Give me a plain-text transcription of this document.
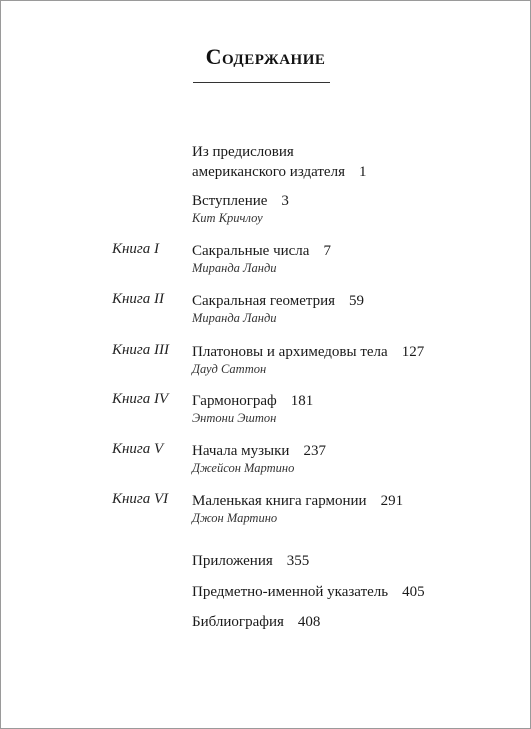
Содержание
Из предисловия
американского издателя 1
Вступление 3
Кит Кричлоу
Книга I Сакральные числа 7
Миранда Ланди
Книга II Сакральная геометрия 59
Миранда Ланди
Книга III Платоновы и архимедовы тела 127
Дауд Саттон
Книга IV Гармонограф 181
Энтони Эштон
Книга V Начала музыки 237
Джейсон Мартино
Книга VI Маленькая книга гармонии 291
Джон Мартино
Приложения 355
Предметно-именной указатель 405
Библиография 408
